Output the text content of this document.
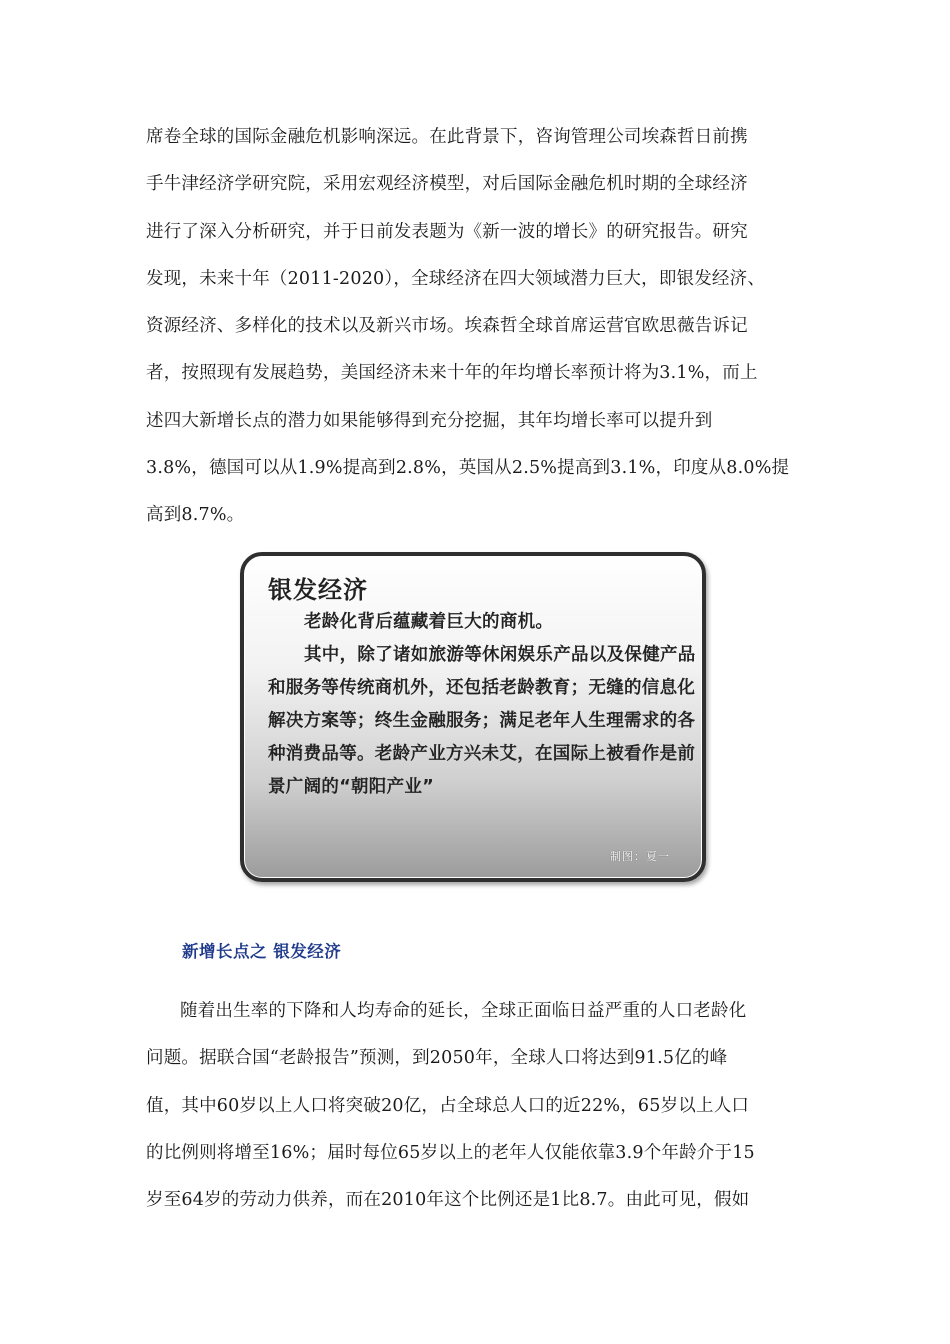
席卷全球的国际金融危机影响深远。在此背景下，咨询管理公司埃森哲日前携
手牛津经济学研究院，采用宏观经济模型，对后国际金融危机时期的全球经济
进行了深入分析研究，并于日前发表题为《新一波的增长》的研究报告。研究
发现，未来十年（2011-2020），全球经济在四大领域潜力巨大，即银发经济、
资源经济、多样化的技术以及新兴市场。埃森哲全球首席运营官欧思薇告诉记
者，按照现有发展趋势，美国经济未来十年的年均增长率预计将为3.1%，而上
述四大新增长点的潜力如果能够得到充分挖掘，其年均增长率可以提升到
3.8%，德国可以从1.9%提高到2.8%，英国从2.5%提高到3.1%，印度从8.0%提
高到8.7%。
银发经济
老龄化背后蕴藏着巨大的商机。
其中，除了诸如旅游等休闲娱乐产品以及保健产品
和服务等传统商机外，还包括老龄教育；无缝的信息化
解决方案等；终生金融服务；满足老年人生理需求的各
种消费品等。老龄产业方兴未艾，在国际上被看作是前
景广阔的“朝阳产业”
制图：夏一
新增长点之 银发经济
随着出生率的下降和人均寿命的延长，全球正面临日益严重的人口老龄化
问题。据联合国“老龄报告”预测，到2050年，全球人口将达到91.5亿的峰
值，其中60岁以上人口将突破20亿，占全球总人口的近22%，65岁以上人口
的比例则将增至16%；届时每位65岁以上的老年人仅能依靠3.9个年龄介于15
岁至64岁的劳动力供养，而在2010年这个比例还是1比8.7。由此可见，假如
